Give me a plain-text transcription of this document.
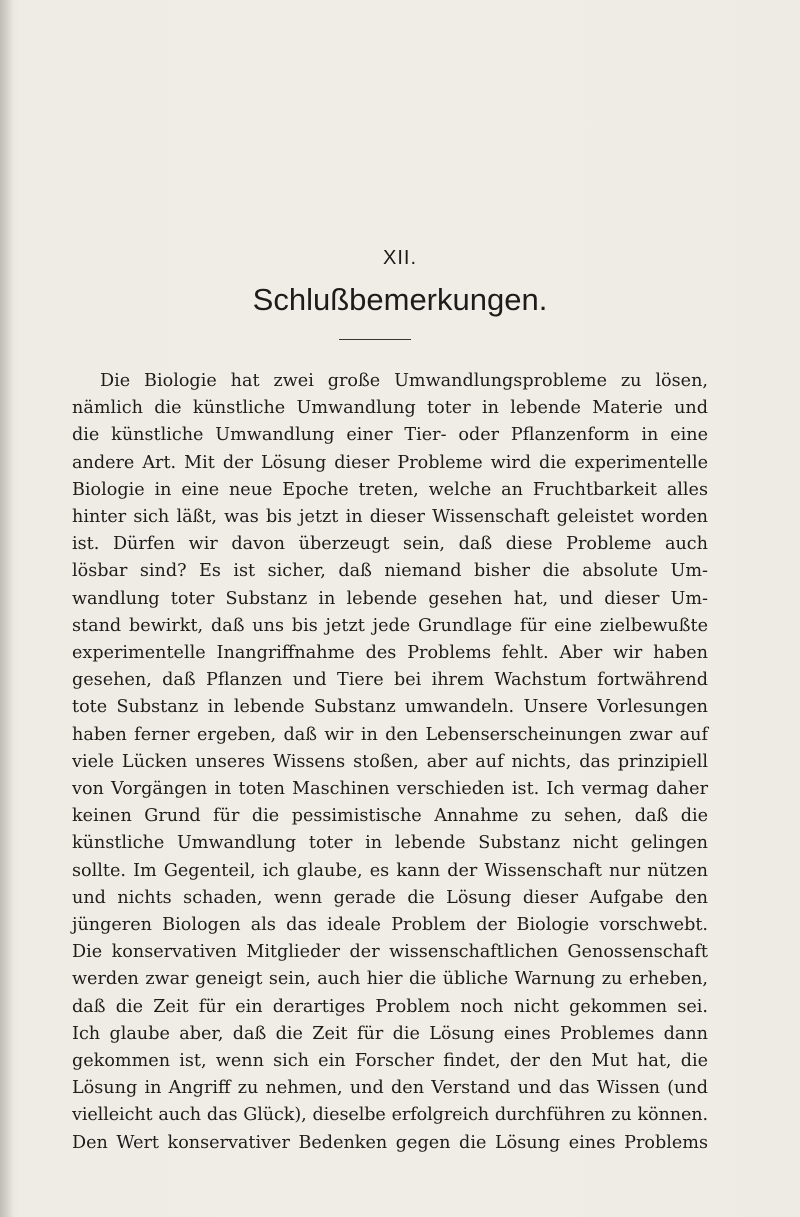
XII.
Schlußbemerkungen.
Die Biologie hat zwei große Umwandlungsprobleme zu lösen,
nämlich die künstliche Umwandlung toter in lebende Materie und
die künstliche Umwandlung einer Tier- oder Pflanzenform in eine
andere Art. Mit der Lösung dieser Probleme wird die experimentelle
Biologie in eine neue Epoche treten, welche an Fruchtbarkeit alles
hinter sich läßt, was bis jetzt in dieser Wissenschaft geleistet worden
ist. Dürfen wir davon überzeugt sein, daß diese Probleme auch
lösbar sind? Es ist sicher, daß niemand bisher die absolute Um-
wandlung toter Substanz in lebende gesehen hat, und dieser Um-
stand bewirkt, daß uns bis jetzt jede Grundlage für eine zielbewußte
experimentelle Inangriffnahme des Problems fehlt. Aber wir haben
gesehen, daß Pflanzen und Tiere bei ihrem Wachstum fortwährend
tote Substanz in lebende Substanz umwandeln. Unsere Vorlesungen
haben ferner ergeben, daß wir in den Lebenserscheinungen zwar auf
viele Lücken unseres Wissens stoßen, aber auf nichts, das prinzipiell
von Vorgängen in toten Maschinen verschieden ist. Ich vermag daher
keinen Grund für die pessimistische Annahme zu sehen, daß die
künstliche Umwandlung toter in lebende Substanz nicht gelingen
sollte. Im Gegenteil, ich glaube, es kann der Wissenschaft nur nützen
und nichts schaden, wenn gerade die Lösung dieser Aufgabe den
jüngeren Biologen als das ideale Problem der Biologie vorschwebt.
Die konservativen Mitglieder der wissenschaftlichen Genossenschaft
werden zwar geneigt sein, auch hier die übliche Warnung zu erheben,
daß die Zeit für ein derartiges Problem noch nicht gekommen sei.
Ich glaube aber, daß die Zeit für die Lösung eines Problemes dann
gekommen ist, wenn sich ein Forscher findet, der den Mut hat, die
Lösung in Angriff zu nehmen, und den Verstand und das Wissen (und
vielleicht auch das Glück), dieselbe erfolgreich durchführen zu können.
Den Wert konservativer Bedenken gegen die Lösung eines Problems
